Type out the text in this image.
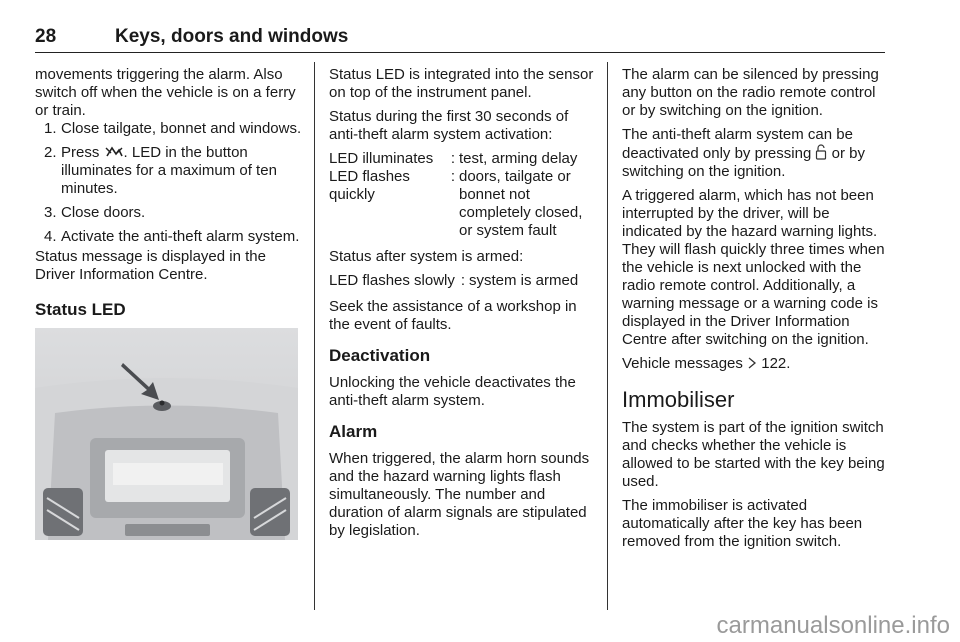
28	Keys, doors and windows

movements triggering the alarm. Also switch off when the vehicle is on a ferry or train.

1. Close tailgate, bonnet and windows.
2. Press . LED in the button illuminates for a maximum of ten minutes.
3. Close doors.
4. Activate the anti-theft alarm system.

Status message is displayed in the Driver Information Centre.

Status LED

Status LED is integrated into the sensor on top of the instrument panel.

Status during the first 30 seconds of anti-theft alarm system activation:

LED illuminates	:	test, arming delay
LED flashes quickly	:	doors, tailgate or bonnet not completely closed, or system fault

Status after system is armed:

LED flashes slowly	:	system is armed

Seek the assistance of a workshop in the event of faults.

Deactivation

Unlocking the vehicle deactivates the anti-theft alarm system.

Alarm

When triggered, the alarm horn sounds and the hazard warning lights flash simultaneously. The number and duration of alarm signals are stipulated by legislation.

The alarm can be silenced by pressing any button on the radio remote control or by switching on the ignition.

The anti-theft alarm system can be deactivated only by pressing or by switching on the ignition.

A triggered alarm, which has not been interrupted by the driver, will be indicated by the hazard warning lights. They will flash quickly three times when the vehicle is next unlocked with the radio remote control. Additionally, a warning message or a warning code is displayed in the Driver Information Centre after switching on the ignition.

Vehicle messages 122.

Immobiliser

The system is part of the ignition switch and checks whether the vehicle is allowed to be started with the key being used.

The immobiliser is activated automatically after the key has been removed from the ignition switch.

carmanualsonline.info
